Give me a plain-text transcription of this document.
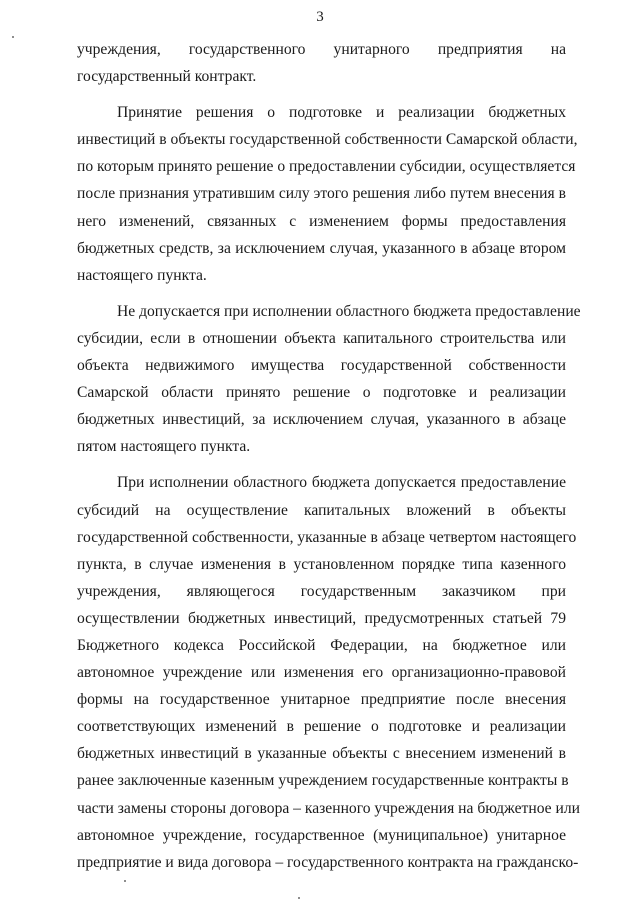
3
учреждения, государственного унитарного предприятия на
государственный контракт.
Принятие решения о подготовке и реализации бюджетных
инвестиций в объекты государственной собственности Самарской области,
по которым принято решение о предоставлении субсидии, осуществляется
после признания утратившим силу этого решения либо путем внесения в
него изменений, связанных с изменением формы предоставления
бюджетных средств, за исключением случая, указанного в абзаце втором
настоящего пункта.
Не допускается при исполнении областного бюджета предоставление
субсидии, если в отношении объекта капитального строительства или
объекта недвижимого имущества государственной собственности
Самарской области принято решение о подготовке и реализации
бюджетных инвестиций, за исключением случая, указанного в абзаце
пятом настоящего пункта.
При исполнении областного бюджета допускается предоставление
субсидий на осуществление капитальных вложений в объекты
государственной собственности, указанные в абзаце четвертом настоящего
пункта, в случае изменения в установленном порядке типа казенного
учреждения, являющегося государственным заказчиком при
осуществлении бюджетных инвестиций, предусмотренных статьей 79
Бюджетного кодекса Российской Федерации, на бюджетное или
автономное учреждение или изменения его организационно-правовой
формы на государственное унитарное предприятие после внесения
соответствующих изменений в решение о подготовке и реализации
бюджетных инвестиций в указанные объекты с внесением изменений в
ранее заключенные казенным учреждением государственные контракты в
части замены стороны договора – казенного учреждения на бюджетное или
автономное учреждение, государственное (муниципальное) унитарное
предприятие и вида договора – государственного контракта на гражданско-
